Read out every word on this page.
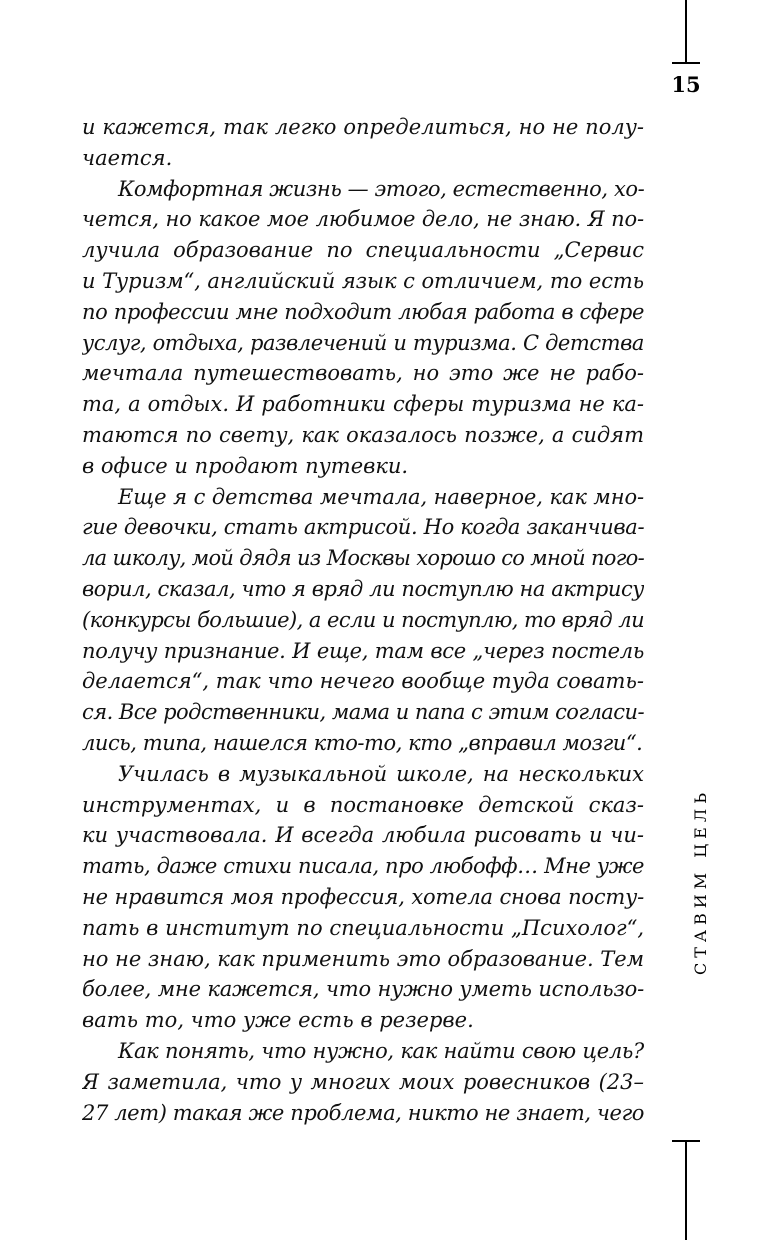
15
СТАВИМ ЦЕЛЬ
и кажется, так легко определиться, но не полу-
чается.
Комфортная жизнь — этого, естественно, хо-
чется, но какое мое любимое дело, не знаю. Я по-
лучила образование по специальности „Сервис
и Туризм“, английский язык с отличием, то есть
по профессии мне подходит любая работа в сфере
услуг, отдыха, развлечений и туризма. С детства
мечтала путешествовать, но это же не рабо-
та, а отдых. И работники сферы туризма не ка-
таются по свету, как оказалось позже, а сидят
в офисе и продают путевки.
Еще я с детства мечтала, наверное, как мно-
гие девочки, стать актрисой. Но когда заканчива-
ла школу, мой дядя из Москвы хорошо со мной пого-
ворил, сказал, что я вряд ли поступлю на актрису
(конкурсы большие), а если и поступлю, то вряд ли
получу признание. И еще, там все „через постель
делается“, так что нечего вообще туда совать-
ся. Все родственники, мама и папа с этим согласи-
лись, типа, нашелся кто-то, кто „вправил мозги“.
Училась в музыкальной школе, на нескольких
инструментах, и в постановке детской сказ-
ки участвовала. И всегда любила рисовать и чи-
тать, даже стихи писала, про любофф… Мне уже
не нравится моя профессия, хотела снова посту-
пать в институт по специальности „Психолог“,
но не знаю, как применить это образование. Тем
более, мне кажется, что нужно уметь использо-
вать то, что уже есть в резерве.
Как понять, что нужно, как найти свою цель?
Я заметила, что у многих моих ровесников (23–
27 лет) такая же проблема, никто не знает, чего
